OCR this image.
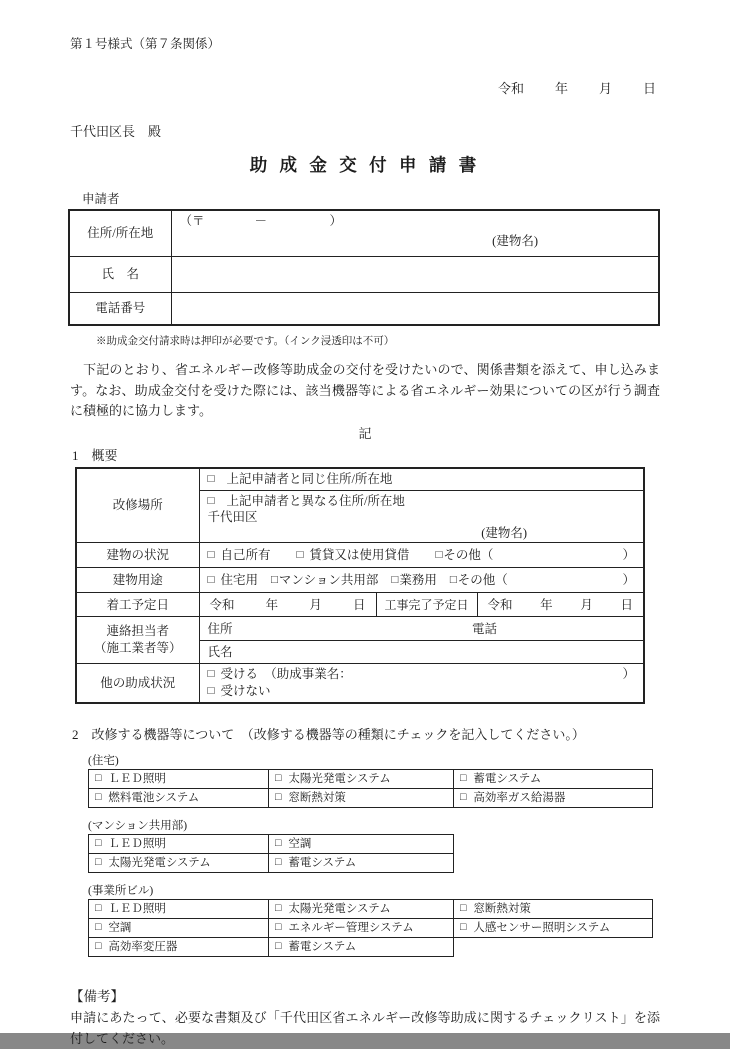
第１号様式（第７条関係）
令和 年 月 日
千代田区長　殿
助 成 金 交 付 申 請 書
申請者
住所/所在地	（〒　　　　－　　　　　）
(建物名)

氏　名	
電話番号	
※助成金交付請求時は押印が必要です。（インク浸透印は不可）
　下記のとおり、省エネルギー改修等助成金の交付を受けたいので、関係書類を添えて、申し込みます。なお、助成金交付を受けた際には、該当機器等による省エネルギー効果についての区が行う調査に積極的に協力します。
記
1　概要
改修場所	□ 上記申請者と同じ住所/所在地		

	□ 上記申請者と異なる住所/所在地
千代田区
(建物名)		

建物の状況	□ 自己所有 □ 賃貸又は使用貸借 □ その他（	）

建物用途	□ 住宅用 □ マンション共用部 □ 業務用 □ その他（	）

着工予定日	令和 年 月 日	工事完了予定日	令和 年 月 日

連絡担当者
（施工業者等）

住所	電話

	氏名		
他の助成状況	□ 受ける　（助成事業名： ）
□ 受けない		
2　改修する機器等について　（改修する機器等の種類にチェックを記入してください。）
(住宅)
□ ＬＥＤ照明	□ 太陽光発電システム	□ 蓄電システム

□ 燃料電池システム	□ 窓断熱対策	□ 高効率ガス給湯器
(マンション共用部)
□ ＬＥＤ照明	□ 空調

□ 太陽光発電システム	□ 蓄電システム
(事業所ビル)
□ ＬＥＤ照明	□ 太陽光発電システム	□ 窓断熱対策

□ 空調	□ エネルギー管理システム	□ 人感センサー照明システム

□ 高効率変圧器	□ 蓄電システム	
【備考】
申請にあたって、必要な書類及び「千代田区省エネルギー改修等助成に関するチェックリスト」を添付してください。
